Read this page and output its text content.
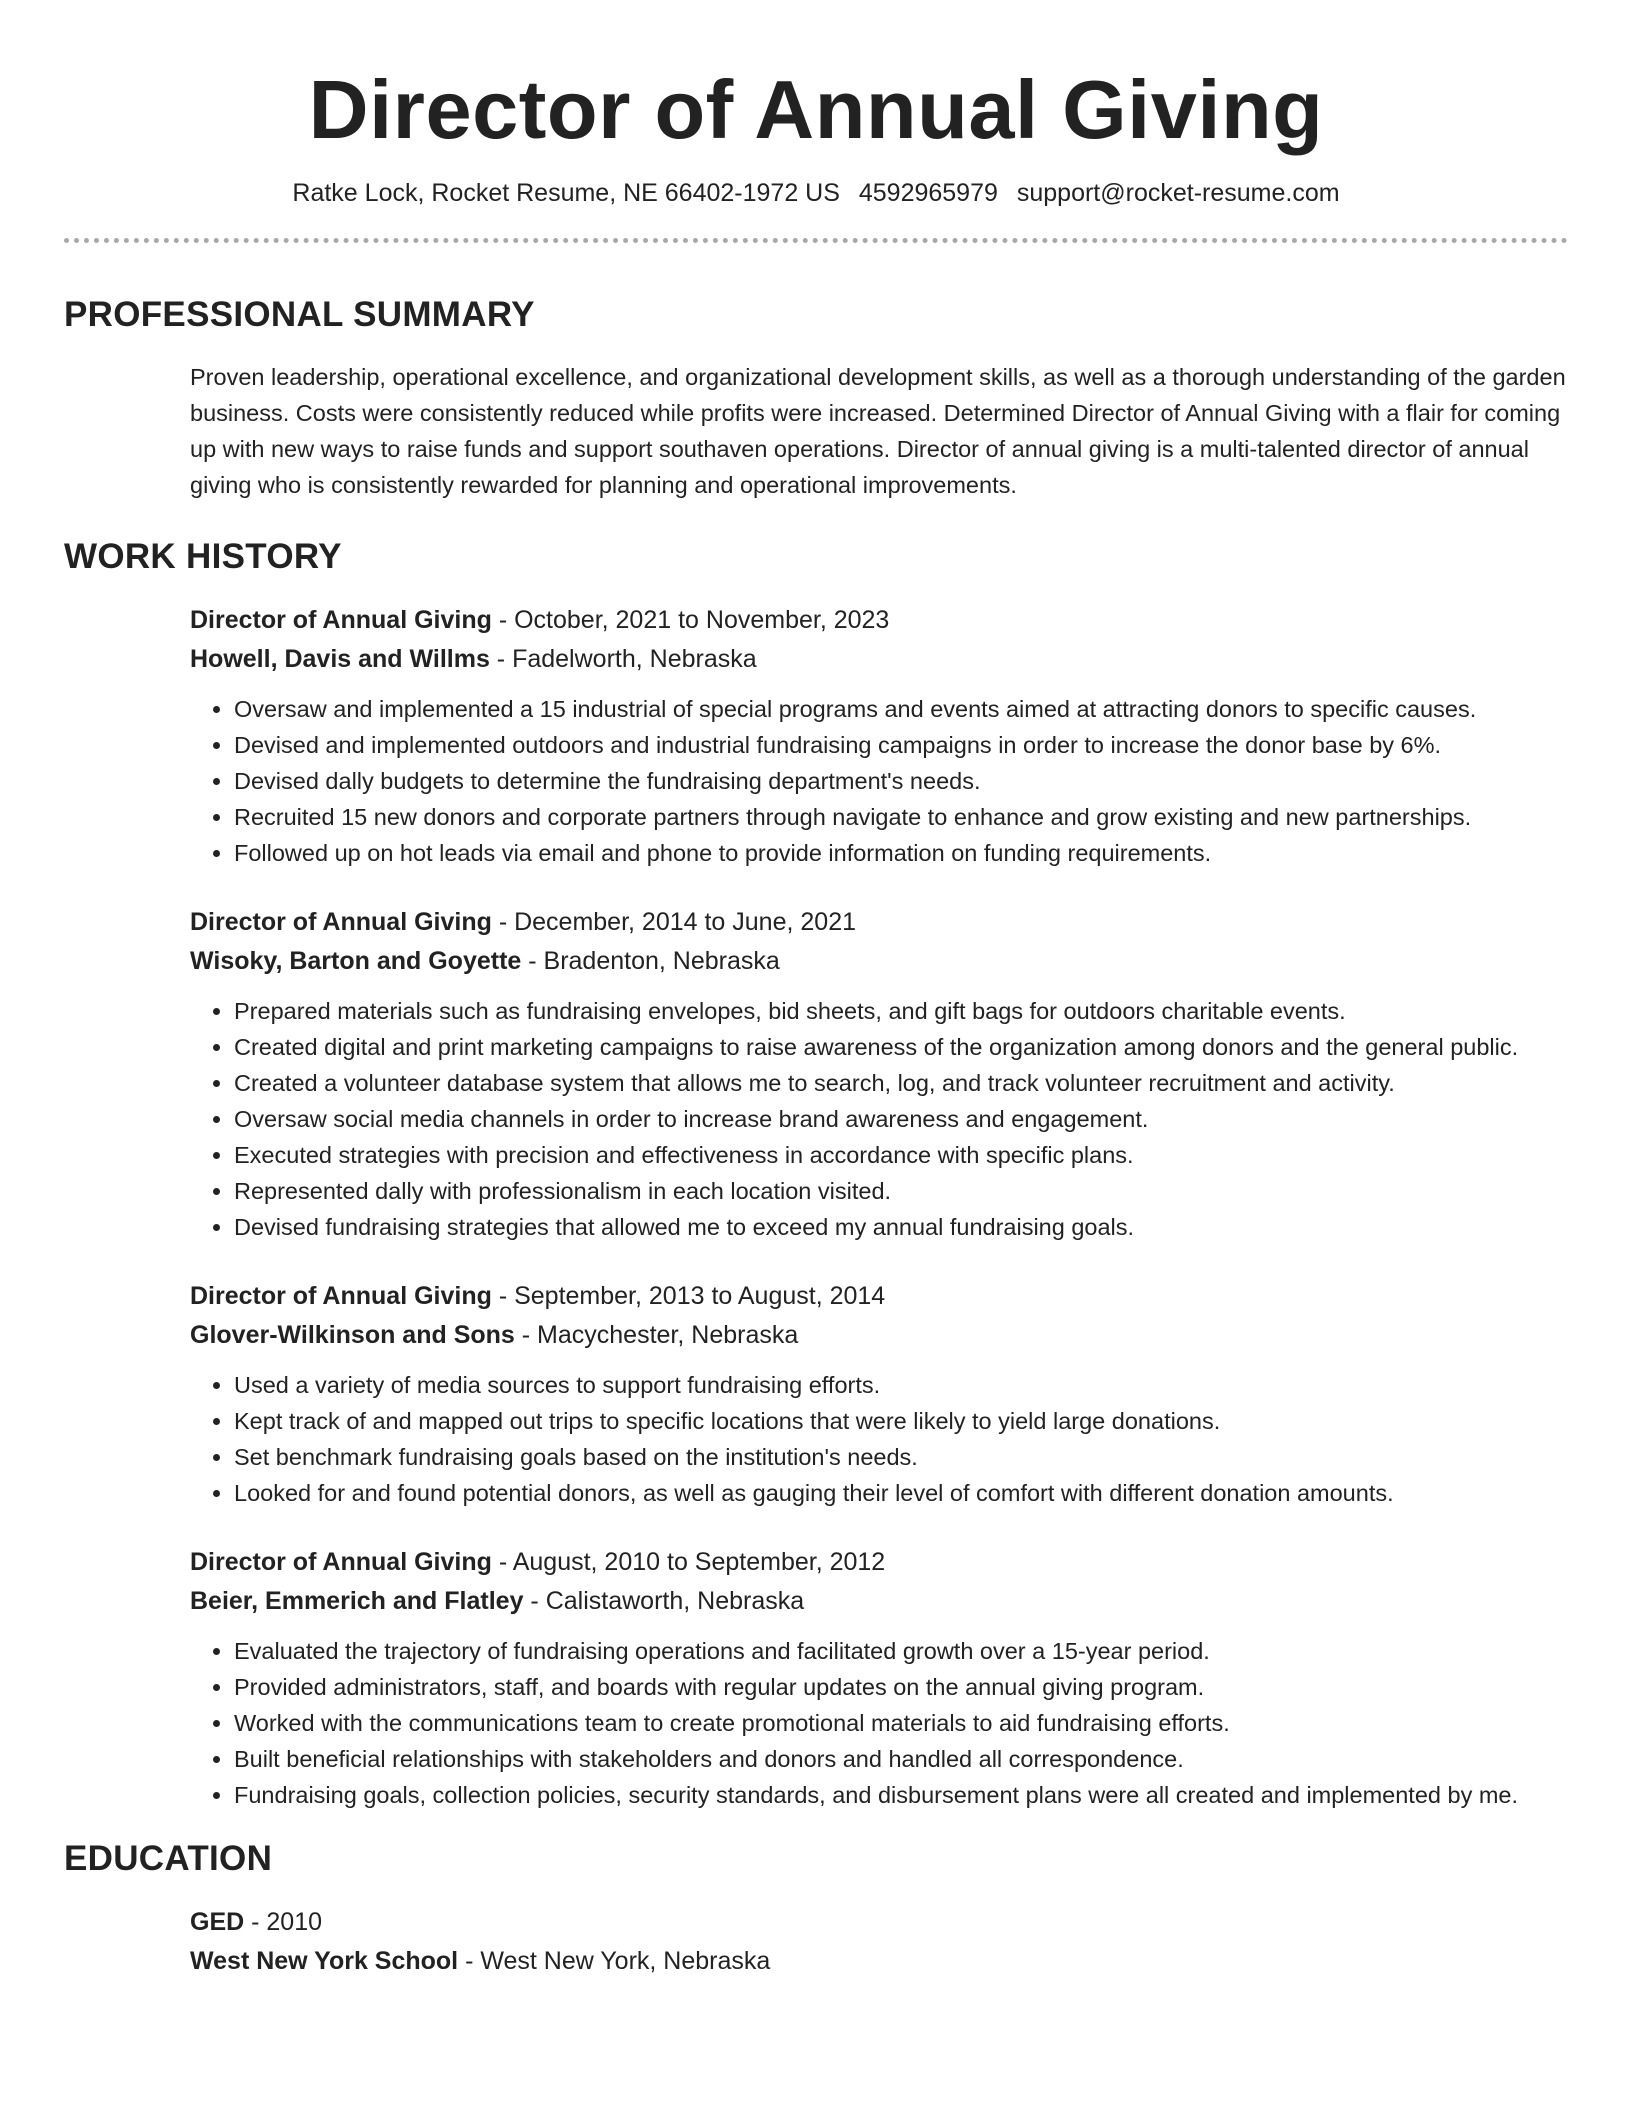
Director of Annual Giving
Ratke Lock, Rocket Resume, NE 66402-1972 US 4592965979 support@rocket-resume.com
PROFESSIONAL SUMMARY
Proven leadership, operational excellence, and organizational development skills, as well as a thorough understanding of the garden business. Costs were consistently reduced while profits were increased. Determined Director of Annual Giving with a flair for coming up with new ways to raise funds and support southaven operations. Director of annual giving is a multi-talented director of annual giving who is consistently rewarded for planning and operational improvements.
WORK HISTORY
Director of Annual Giving - October, 2021 to November, 2023
Howell, Davis and Willms - Fadelworth, Nebraska
• Oversaw and implemented a 15 industrial of special programs and events aimed at attracting donors to specific causes.
• Devised and implemented outdoors and industrial fundraising campaigns in order to increase the donor base by 6%.
• Devised dally budgets to determine the fundraising department's needs.
• Recruited 15 new donors and corporate partners through navigate to enhance and grow existing and new partnerships.
• Followed up on hot leads via email and phone to provide information on funding requirements.
Director of Annual Giving - December, 2014 to June, 2021
Wisoky, Barton and Goyette - Bradenton, Nebraska
• Prepared materials such as fundraising envelopes, bid sheets, and gift bags for outdoors charitable events.
• Created digital and print marketing campaigns to raise awareness of the organization among donors and the general public.
• Created a volunteer database system that allows me to search, log, and track volunteer recruitment and activity.
• Oversaw social media channels in order to increase brand awareness and engagement.
• Executed strategies with precision and effectiveness in accordance with specific plans.
• Represented dally with professionalism in each location visited.
• Devised fundraising strategies that allowed me to exceed my annual fundraising goals.
Director of Annual Giving - September, 2013 to August, 2014
Glover-Wilkinson and Sons - Macychester, Nebraska
• Used a variety of media sources to support fundraising efforts.
• Kept track of and mapped out trips to specific locations that were likely to yield large donations.
• Set benchmark fundraising goals based on the institution's needs.
• Looked for and found potential donors, as well as gauging their level of comfort with different donation amounts.
Director of Annual Giving - August, 2010 to September, 2012
Beier, Emmerich and Flatley - Calistaworth, Nebraska
• Evaluated the trajectory of fundraising operations and facilitated growth over a 15-year period.
• Provided administrators, staff, and boards with regular updates on the annual giving program.
• Worked with the communications team to create promotional materials to aid fundraising efforts.
• Built beneficial relationships with stakeholders and donors and handled all correspondence.
• Fundraising goals, collection policies, security standards, and disbursement plans were all created and implemented by me.
EDUCATION
GED - 2010
West New York School - West New York, Nebraska
